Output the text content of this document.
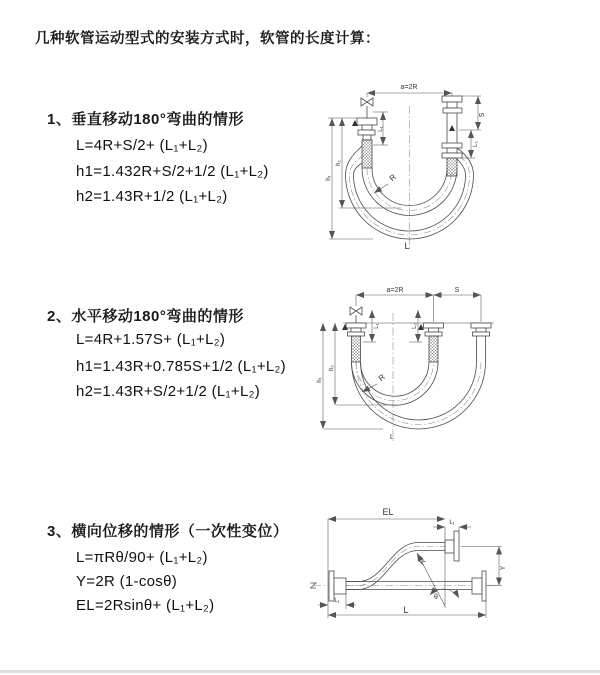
几种软管运动型式的安装方式时，软管的长度计算：
1、垂直移动180°弯曲的情形
L=4R+S/2+ (L₁+L₂)
h1=1.432R+S/2+1/2 (L₁+L₂)
h2=1.43R+1/2 (L₁+L₂)
2、水平移动180°弯曲的情形
L=4R+1.57S+ (L₁+L₂)
h1=1.43R+0.785S+1/2 (L₁+L₂)
h2=1.43R+S/2+1/2 (L₁+L₂)
3、横向位移的情形（一次性变位）
L=πRθ/90+ (L₁+L₂)
Y=2R (1-cosθ)
EL=2Rsinθ+ (L₁+L₂)
a=2R
L₁
h₁
h₂
S
L₂
R
L
a=2R	S
L₁	L₂
h₁
h₂
R
L
EL
L₁
R
θ
Y
L₁
L
